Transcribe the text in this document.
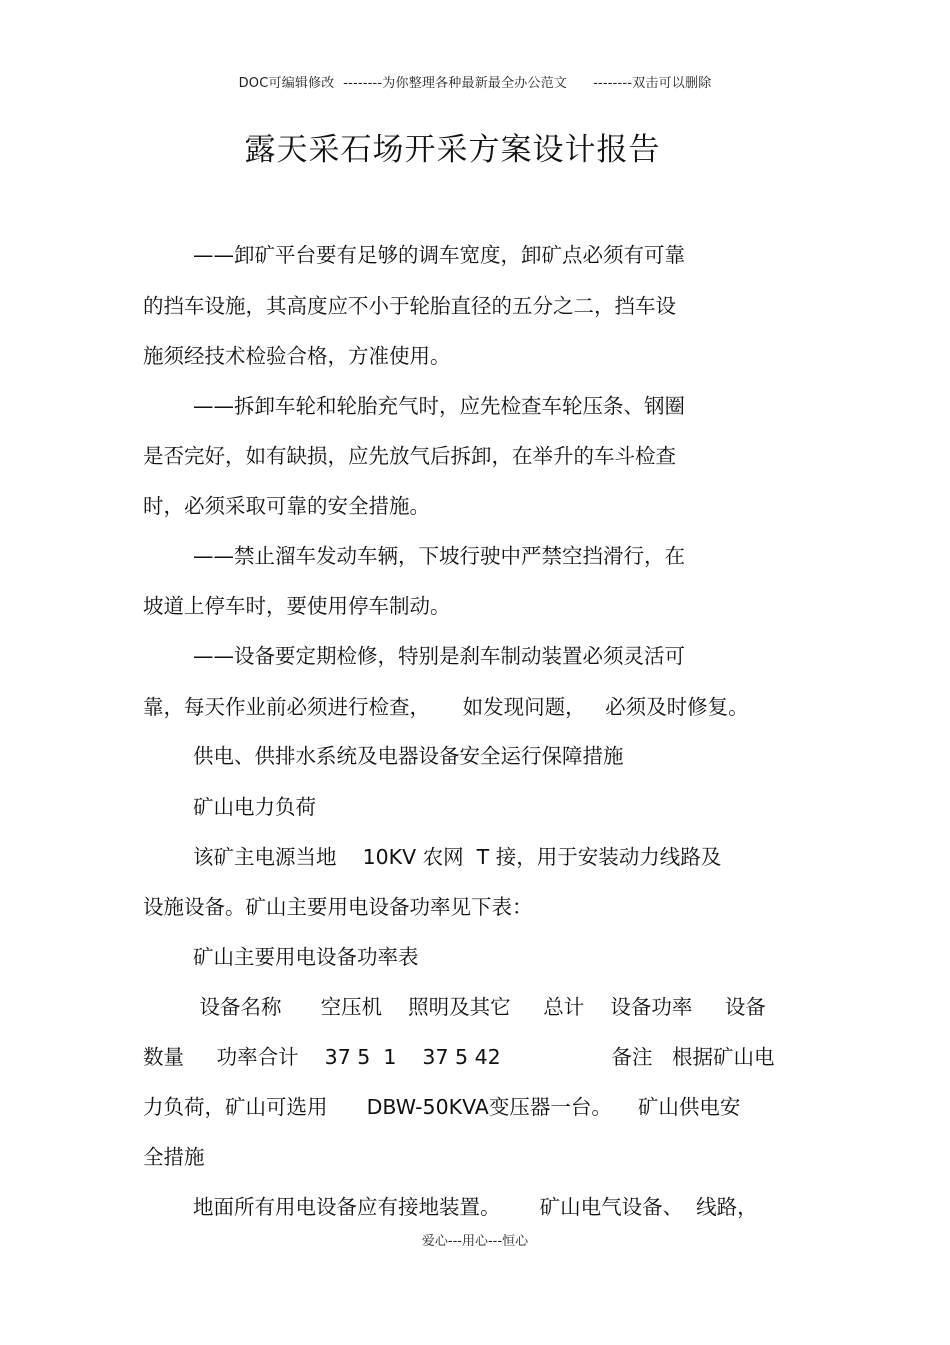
DOC可编辑修改  --------为你整理各种最新最全办公范文      --------双击可以删除
露天采石场开采方案设计报告
——卸矿平台要有足够的调车宽度，卸矿点必须有可靠
的挡车设施，其高度应不小于轮胎直径的五分之二，挡车设
施须经技术检验合格，方准使用。
——拆卸车轮和轮胎充气时，应先检查车轮压条、钢圈
是否完好，如有缺损，应先放气后拆卸，在举升的车斗检查
时，必须采取可靠的安全措施。
——禁止溜车发动车辆，下坡行驶中严禁空挡滑行，在
坡道上停车时，要使用停车制动。
——设备要定期检修，特别是刹车制动装置必须灵活可
靠，每天作业前必须进行检查，     如发现问题，   必须及时修复。
供电、供排水系统及电器设备安全运行保障措施
矿山电力负荷
该矿主电源当地    10KV 农网  T 接，用于安装动力线路及
设施设备。矿山主要用电设备功率见下表：
矿山主要用电设备功率表
设备名称      空压机    照明及其它     总计    设备功率     设备
数量     功率合计    37 5  1    37 5 42                 备注   根据矿山电
力负荷，矿山可选用      DBW-50KVA变压器一台。    矿山供电安
全措施
地面所有用电设备应有接地装置。      矿山电气设备、  线路，
爱心---用心---恒心
